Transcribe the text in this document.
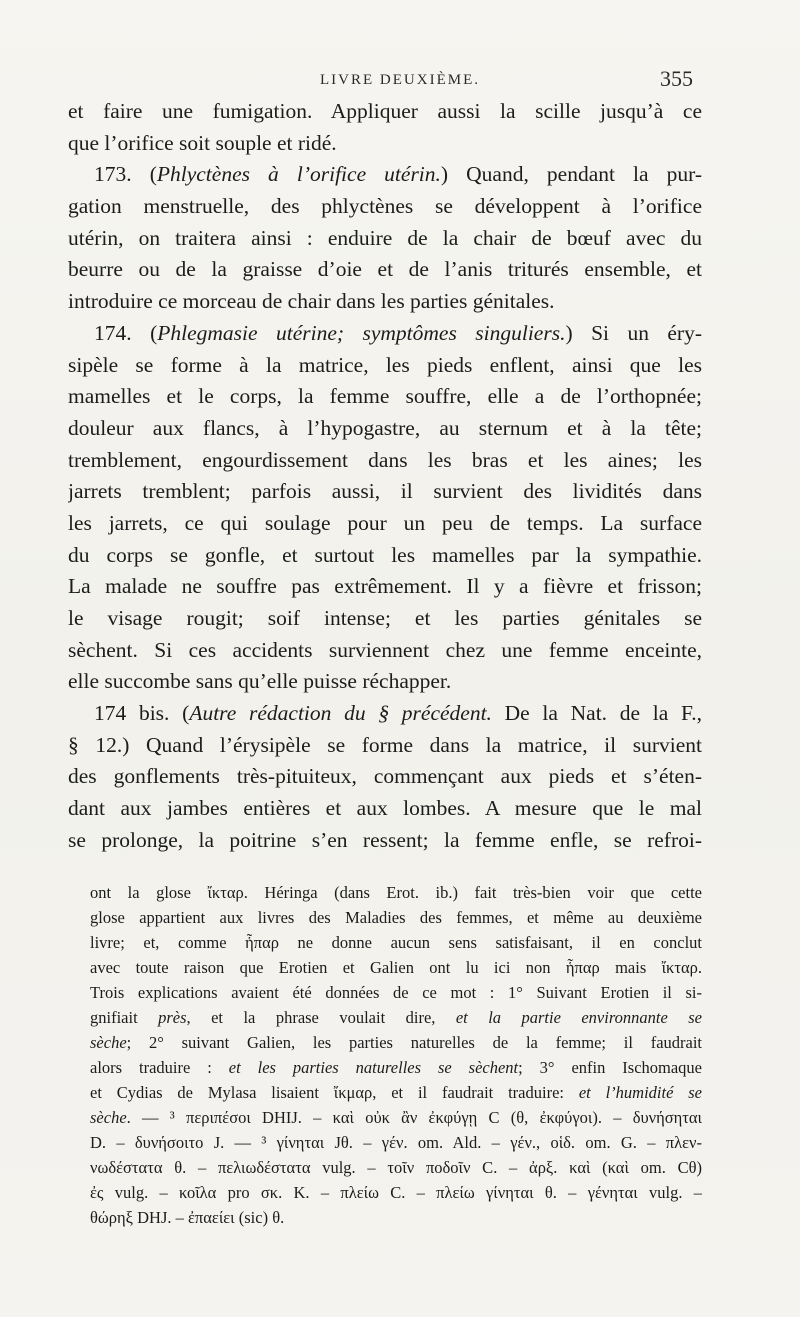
LIVRE DEUXIÈME.	355
et faire une fumigation. Appliquer aussi la scille jusqu’à ce
que l’orifice soit souple et ridé.
173. (Phlyctènes à l’orifice utérin.) Quand, pendant la pur-
gation menstruelle, des phlyctènes se développent à l’orifice
utérin, on traitera ainsi : enduire de la chair de bœuf avec du
beurre ou de la graisse d’oie et de l’anis triturés ensemble, et
introduire ce morceau de chair dans les parties génitales.
174. (Phlegmasie utérine; symptômes singuliers.) Si un éry-
sipèle se forme à la matrice, les pieds enflent, ainsi que les
mamelles et le corps, la femme souffre, elle a de l’orthopnée;
douleur aux flancs, à l’hypogastre, au sternum et à la tête;
tremblement, engourdissement dans les bras et les aines; les
jarrets tremblent; parfois aussi, il survient des lividités dans
les jarrets, ce qui soulage pour un peu de temps. La surface
du corps se gonfle, et surtout les mamelles par la sympathie.
La malade ne souffre pas extrêmement. Il y a fièvre et frisson;
le visage rougit; soif intense; et les parties génitales se
sèchent. Si ces accidents surviennent chez une femme enceinte,
elle succombe sans qu’elle puisse réchapper.
174 bis. (Autre rédaction du § précédent. De la Nat. de la F.,
§ 12.) Quand l’érysipèle se forme dans la matrice, il survient
des gonflements très-pituiteux, commençant aux pieds et s’éten-
dant aux jambes entières et aux lombes. A mesure que le mal
se prolonge, la poitrine s’en ressent; la femme enfle, se refroi-
ont la glose ἴκταρ. Héringa (dans Erot. ib.) fait très-bien voir que cette
glose appartient aux livres des Maladies des femmes, et même au deuxième
livre; et, comme ἧπαρ ne donne aucun sens satisfaisant, il en conclut
avec toute raison que Erotien et Galien ont lu ici non ἧπαρ mais ἴκταρ.
Trois explications avaient été données de ce mot : 1° Suivant Erotien il si-
gnifiait près, et la phrase voulait dire, et la partie environnante se
sèche; 2° suivant Galien, les parties naturelles de la femme; il faudrait
alors traduire : et les parties naturelles se sèchent; 3° enfin Ischomaque
et Cydias de Mylasa lisaient ἴκμαρ, et il faudrait traduire: et l’humidité se
sèche. — ³ περιπέσοι DHIJ. – καὶ οὐκ ἂν ἐκφύγῃ C (θ, ἐκφύγοι). – δυνήσηται
D. – δυνήσοιτο J. — ³ γίνηται Jθ. – γέν. om. Ald. – γέν., οἱδ. om. G. – πλεν-
νωδέστατα θ. – πελιωδέστατα vulg. – τοῖν ποδοῖν C. – ἀρξ. καὶ (καὶ om. Cθ)
ἐς vulg. – κοῖλα pro σκ. K. – πλείω C. – πλείω γίνηται θ. – γένηται vulg. –
θώρηξ DHJ. – ἐπαείει (sic) θ.
